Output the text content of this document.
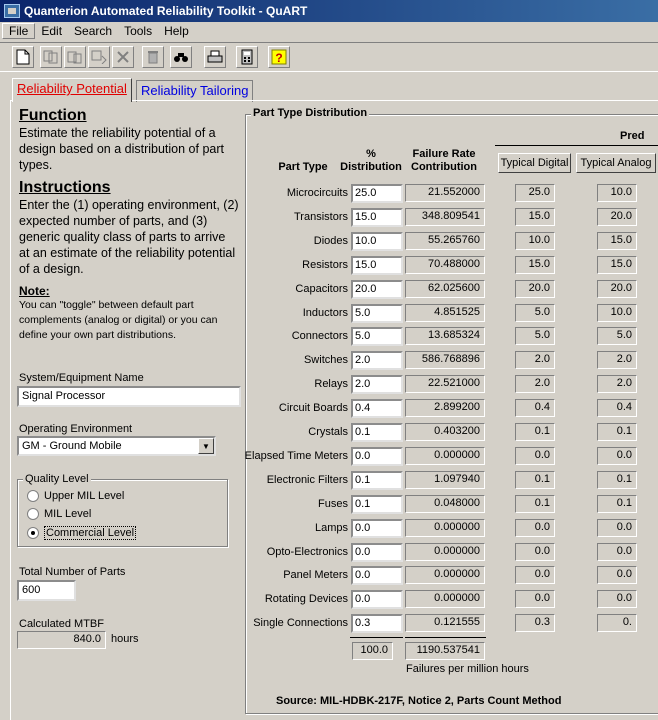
Quanterion Automated Reliability Toolkit - QuART
File	Edit	Search	Tools	Help
?
Reliability Potential	Reliability Tailoring
Function
Estimate the reliability potential of a design based on a distribution of part types.
Instructions
Enter the (1) operating environment, (2) expected number of parts, and (3) generic quality class of parts to arrive at an estimate of the reliability potential of a design.
Note:
You can "toggle" between default part complements (analog or digital) or you can define your own part distributions.
System/Equipment Name
Signal Processor
Operating Environment
GM - Ground Mobile	▼
Quality Level
Upper MIL Level
MIL Level
Commercial Level
Total Number of Parts
600
Calculated MTBF
840.0 hours
Part Type Distribution
Part Type
%
Distribution
Failure Rate
Contribution
Pred
Typical Digital	Typical Analog
Microcircuits 25.0	21.552000	25.0	10.0
Transistors 15.0	348.809541	15.0	20.0
Diodes 10.0	55.265760	10.0	15.0
Resistors 15.0	70.488000	15.0	15.0
Capacitors 20.0	62.025600	20.0	20.0
Inductors 5.0	4.851525	5.0	10.0
Connectors 5.0	13.685324	5.0	5.0
Switches 2.0	586.768896	2.0	2.0
Relays 2.0	22.521000	2.0	2.0
Circuit Boards 0.4	2.899200	0.4	0.4
Crystals 0.1	0.403200	0.1	0.1
Elapsed Time Meters 0.0	0.000000	0.0	0.0
Electronic Filters 0.1	1.097940	0.1	0.1
Fuses 0.1	0.048000	0.1	0.1
Lamps 0.0	0.000000	0.0	0.0
Opto-Electronics 0.0	0.000000	0.0	0.0
Panel Meters 0.0	0.000000	0.0	0.0
Rotating Devices 0.0	0.000000	0.0	0.0
Single Connections 0.3	0.121555	0.3	0.
100.0	1190.537541
Failures per million hours
Source: MIL-HDBK-217F, Notice 2, Parts Count Method
